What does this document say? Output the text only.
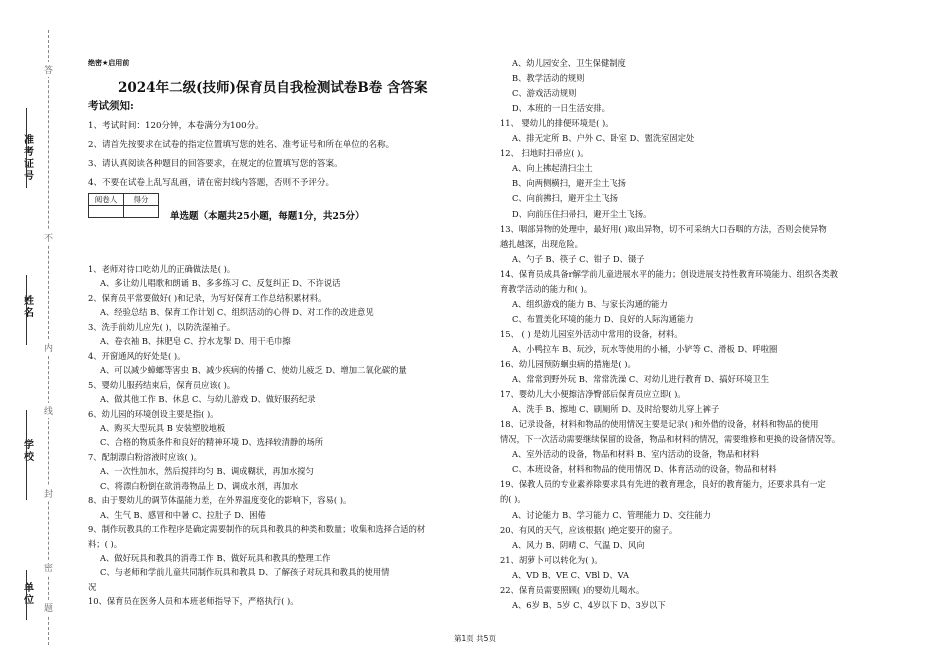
准考证号
姓名
学校
单位
答
不
内
线
封
密
题
绝密★启用前
2024年二级(技师)保育员自我检测试卷B卷 含答案
考试须知:
1、考试时间：120分钟，本卷满分为100分。
2、请首先按要求在试卷的指定位置填写您的姓名、准考证号和所在单位的名称。
3、请认真阅读各种题目的回答要求，在规定的位置填写您的答案。
4、不要在试卷上乱写乱画，请在密封线内答题，否则不予评分。
阅卷人	得分

单选题（本题共25小题，每题1分，共25分）
1、老师对待口吃幼儿的正确做法是( )。
A、多让幼儿唱歌和朗诵 B、多多练习 C、反复纠正 D、不许说话
2、保育员平常要做好( )和记录，为写好保育工作总结积累材料。
A、经验总结 B、保育工作计划 C、组织活动的心得 D、对工作的改进意见
3、洗手前幼儿应先( )，以防洗湿袖子。
A、卷衣袖 B、抹肥皂 C、拧水龙掣 D、用干毛巾擦
4、开窗通风的好处是( )。
A、可以减少蟑螂等害虫 B、减少疾病的传播 C、使幼儿疲乏 D、增加二氧化碳的量
5、婴幼儿服药结束后，保育员应该( )。
A、做其他工作 B、休息 C、与幼儿游戏 D、做好服药纪录
6、幼儿园的环境创设主要是指( )。
A、购买大型玩具 B 安装塑胶地板
C、合格的物质条件和良好的精神环境 D、选择较清静的场所
7、配制漂白粉溶液时应该( )。
A、一次性加水，然后搅拌均匀 B、调成糊状，再加水搅匀
C、将漂白粉倒在欲消毒物品上 D、调成水剂，再加水
8、由于婴幼儿的调节体温能力差，在外界温度变化的影响下，容易( )。
A、生气 B、感冒和中暑 C、拉肚子 D、困倦
9、制作玩教具的工作程序是确定需要制作的玩具和教具的种类和数量；收集和选择合适的材
料；( )。
A、做好玩具和教具的消毒工作 B、做好玩具和教具的整理工作
C、与老师和学前儿童共同制作玩具和教具 D、了解孩子对玩具和教具的使用情
况
10、保育员在医务人员和本班老师指导下，严格执行( )。
A、幼儿园安全、卫生保健制度
B、教学活动的规则
C、游戏活动规则
D、本班的一日生活安排。
11、 婴幼儿的排便环境是( )。
A、排无定所 B、户外 C、卧室 D、盥洗室固定处
12、 扫地时扫帚应( )。
A、向上拂起清扫尘土
B、向两侧横扫，避开尘土飞扬
C、向前拂扫，避开尘土飞扬
D、向前压住扫帚扫，避开尘土飞扬。
13、咽部异物的处理中，最好用( )取出异物，切不可采纳大口吞咽的方法，否则会使异物
越扎越深，出现危险。
A、勺子 B、筷子 C、钳子 D、镊子
14、保育员成具备r解学前儿童进展水平的能力；创设进展支持性教育环境能力、组织各类教
育教学活动的能力和( )。
A、组织游戏的能力 B、与家长沟通的能力
C、布置美化环境的能力 D、良好的人际沟通能力
15、 ( ) 是幼儿园室外活动中常用的设备，材料。
A、小鸭拉车 B、玩沙，玩水等使用的小桶，小铲等 C、滑板 D、呼啦圈
16、幼儿园预防蛔虫病的措施是( )。
A、常常到野外玩 B、常常洗澡 C、对幼儿进行教育 D、搞好环境卫生
17、婴幼儿大小便擦洁净臀部后保育员应立即( )。
A、洗手 B、擦地 C、刷厕所 D、及时给婴幼儿穿上裤子
18、记录设备，材料和物品的使用情况主要是记录( )和外借的设备，材料和物品的使用
情况，下一次活动需要继续保留的设备，物品和材料的情况，需要维修和更换的设备情况等。
A、室外活动的设备，物品和材料 B、室内活动的设备，物品和材料
C、本班设备，材料和物品的使用情况 D、体育活动的设备，物品和材料
19、保教人员的专业素养除要求具有先进的教育理念，良好的教育能力，还要求具有一定
的( )。
A、讨论能力 B、学习能力 C、管理能力 D、交往能力
20、有风的天气，应该根据( )绝定要开的窗子。
A、风力 B、阴晴 C、气温 D、风向
21、胡萝卜可以转化为( )。
A、VD B、VE C、VBl D、VA
22、保育员需要照顾( )的婴幼儿喝水。
A、6岁 B、5岁 C、4岁以下 D、3岁以下
第1页 共5页
